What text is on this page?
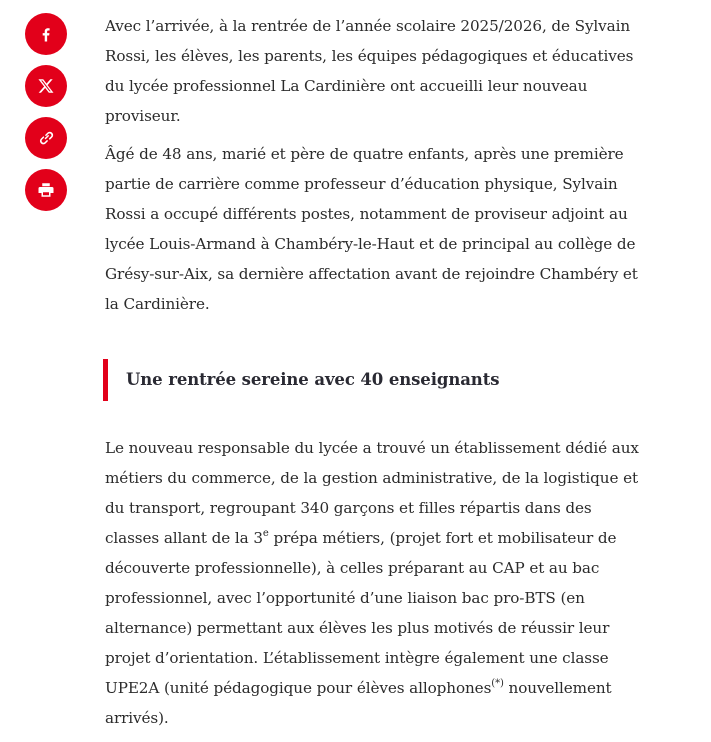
Avec l’arrivée, à la rentrée de l’année scolaire 2025/2026, de Sylvain Rossi, les élèves, les parents, les équipes pédagogiques et éducatives du lycée professionnel La Cardinière ont accueilli leur nouveau proviseur.

Âgé de 48 ans, marié et père de quatre enfants, après une première partie de carrière comme professeur d’éducation physique, Sylvain Rossi a occupé différents postes, notamment de proviseur adjoint au lycée Louis-Armand à Chambéry-le-Haut et de principal au collège de Grésy-sur-Aix, sa dernière affectation avant de rejoindre Chambéry et la Cardinière.

Une rentrée sereine avec 40 enseignants

Le nouveau responsable du lycée a trouvé un établissement dédié aux métiers du commerce, de la gestion administrative, de la logistique et du transport, regroupant 340 garçons et filles répartis dans des classes allant de la 3e prépa métiers, (projet fort et mobilisateur de découverte professionnelle), à celles préparant au CAP et au bac professionnel, avec l’opportunité d’une liaison bac pro-BTS (en alternance) permettant aux élèves les plus motivés de réussir leur projet d’orientation. L’établissement intègre également une classe UPE2A (unité pédagogique pour élèves allophones(*) nouvellement arrivés).
